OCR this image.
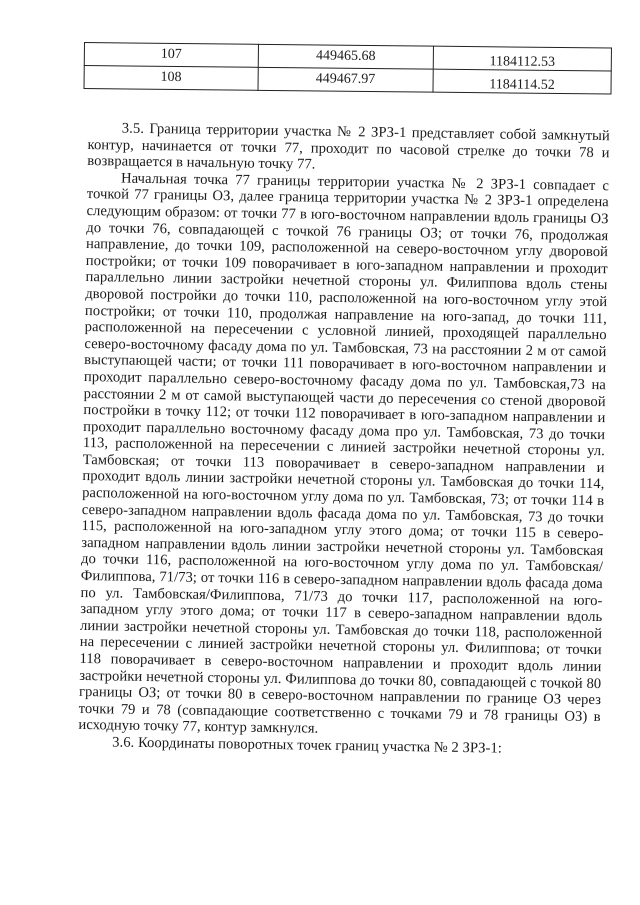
107	449465.68	1184112.53
108	449467.97	1184114.52

3.5. Граница территории участка № 2 ЗРЗ-1 представляет собой замкнутый контур, начинается от точки 77, проходит по часовой стрелке до точки 78 и возвращается в начальную точку 77.

Начальная точка 77 границы территории участка № 2 ЗРЗ-1 совпадает с точкой 77 границы ОЗ, далее граница территории участка № 2 ЗРЗ-1 определена следующим образом: от точки 77 в юго-восточном направлении вдоль границы ОЗ до точки 76, совпадающей с точкой 76 границы ОЗ; от точки 76, продолжая направление, до точки 109, расположенной на северо-восточном углу дворовой постройки; от точки 109 поворачивает в юго-западном направлении и проходит параллельно линии застройки нечетной стороны ул. Филиппова вдоль стены дворовой постройки до точки 110, расположенной на юго-восточном углу этой постройки; от точки 110, продолжая направление на юго-запад, до точки 111, расположенной на пересечении с условной линией, проходящей параллельно северо-восточному фасаду дома по ул. Тамбовская, 73 на расстоянии 2 м от самой выступающей части; от точки 111 поворачивает в юго-восточном направлении и проходит параллельно северо-восточному фасаду дома по ул. Тамбовская,73 на расстоянии 2 м от самой выступающей части до пересечения со стеной дворовой постройки в точку 112; от точки 112 поворачивает в юго-западном направлении и проходит параллельно восточному фасаду дома про ул. Тамбовская, 73 до точки 113, расположенной на пересечении с линией застройки нечетной стороны ул. Тамбовская; от точки 113 поворачивает в северо-западном направлении и проходит вдоль линии застройки нечетной стороны ул. Тамбовская до точки 114, расположенной на юго-восточном углу дома по ул. Тамбовская, 73; от точки 114 в северо-западном направлении вдоль фасада дома по ул. Тамбовская, 73 до точки 115, расположенной на юго-западном углу этого дома; от точки 115 в северо-западном направлении вдоль линии застройки нечетной стороны ул. Тамбовская до точки 116, расположенной на юго-восточном углу дома по ул. Тамбовская/Филиппова, 71/73; от точки 116 в северо-западном направлении вдоль фасада дома по ул. Тамбовская/Филиппова, 71/73 до точки 117, расположенной на юго-западном углу этого дома; от точки 117 в северо-западном направлении вдоль линии застройки нечетной стороны ул. Тамбовская до точки 118, расположенной на пересечении с линией застройки нечетной стороны ул. Филиппова; от точки 118 поворачивает в северо-восточном направлении и проходит вдоль линии застройки нечетной стороны ул. Филиппова до точки 80, совпадающей с точкой 80 границы ОЗ; от точки 80 в северо-восточном направлении по границе ОЗ через точки 79 и 78 (совпадающие соответственно с точками 79 и 78 границы ОЗ) в исходную точку 77, контур замкнулся.

3.6. Координаты поворотных точек границ участка № 2 ЗРЗ-1:
